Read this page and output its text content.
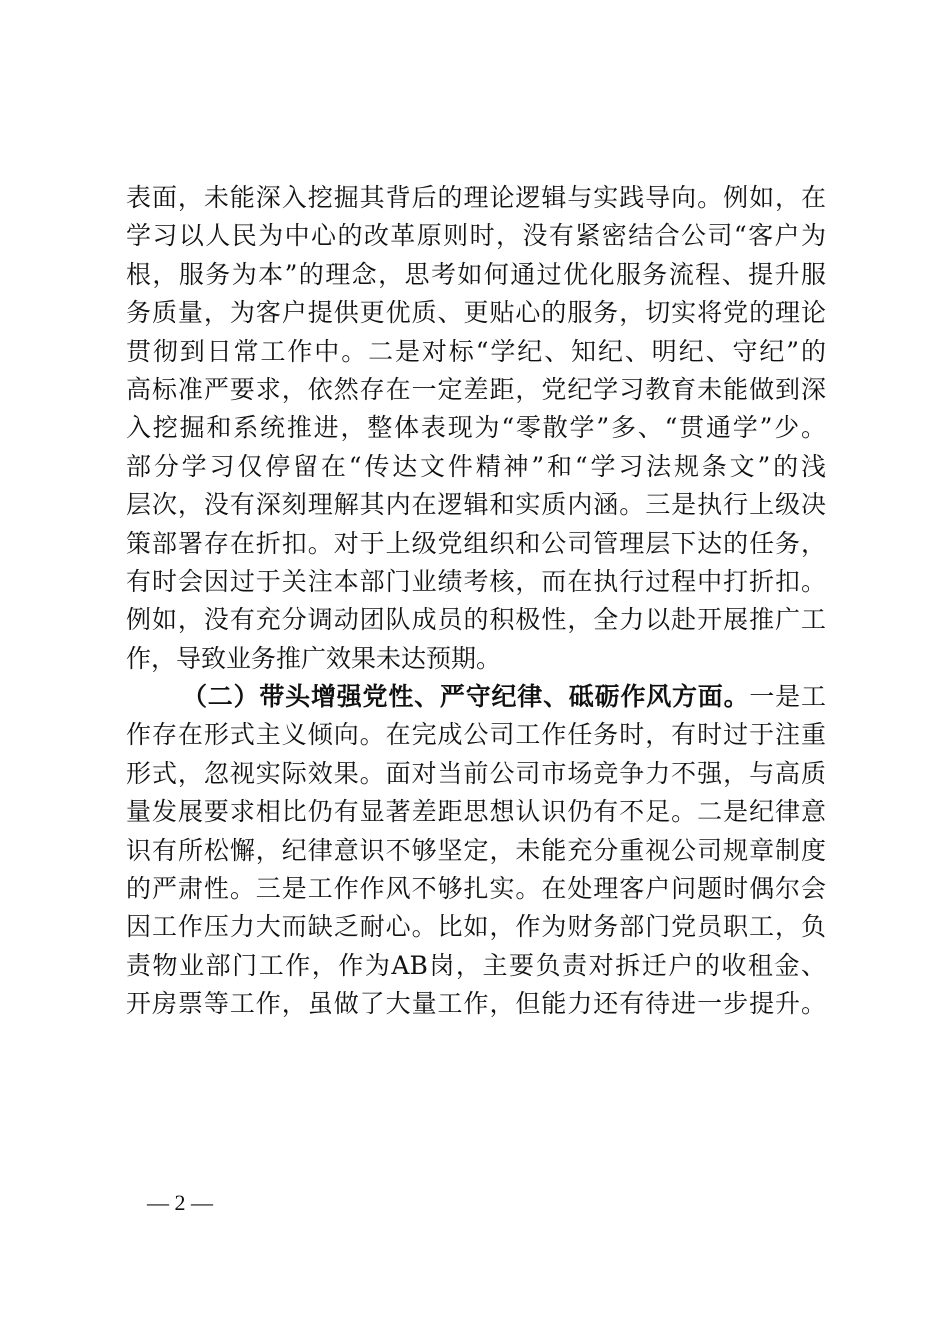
表面，未能深入挖掘其背后的理论逻辑与实践导向。例如，在
学习以人民为中心的改革原则时，没有紧密结合公司“客户为
根，服务为本”的理念，思考如何通过优化服务流程、提升服
务质量，为客户提供更优质、更贴心的服务，切实将党的理论
贯彻到日常工作中。二是对标“学纪、知纪、明纪、守纪”的
高标准严要求，依然存在一定差距，党纪学习教育未能做到深
入挖掘和系统推进，整体表现为“零散学”多、“贯通学”少。
部分学习仅停留在“传达文件精神”和“学习法规条文”的浅
层次，没有深刻理解其内在逻辑和实质内涵。三是执行上级决
策部署存在折扣。对于上级党组织和公司管理层下达的任务，
有时会因过于关注本部门业绩考核，而在执行过程中打折扣。
例如，没有充分调动团队成员的积极性，全力以赴开展推广工
作，导致业务推广效果未达预期。
（二）带头增强党性、严守纪律、砥砺作风方面。一是工
作存在形式主义倾向。在完成公司工作任务时，有时过于注重
形式，忽视实际效果。面对当前公司市场竞争力不强，与高质
量发展要求相比仍有显著差距思想认识仍有不足。二是纪律意
识有所松懈，纪律意识不够坚定，未能充分重视公司规章制度
的严肃性。三是工作作风不够扎实。在处理客户问题时偶尔会
因工作压力大而缺乏耐心。比如，作为财务部门党员职工，负
责物业部门工作，作为AB岗，主要负责对拆迁户的收租金、
开房票等工作，虽做了大量工作，但能力还有待进一步提升。
— 2 —
